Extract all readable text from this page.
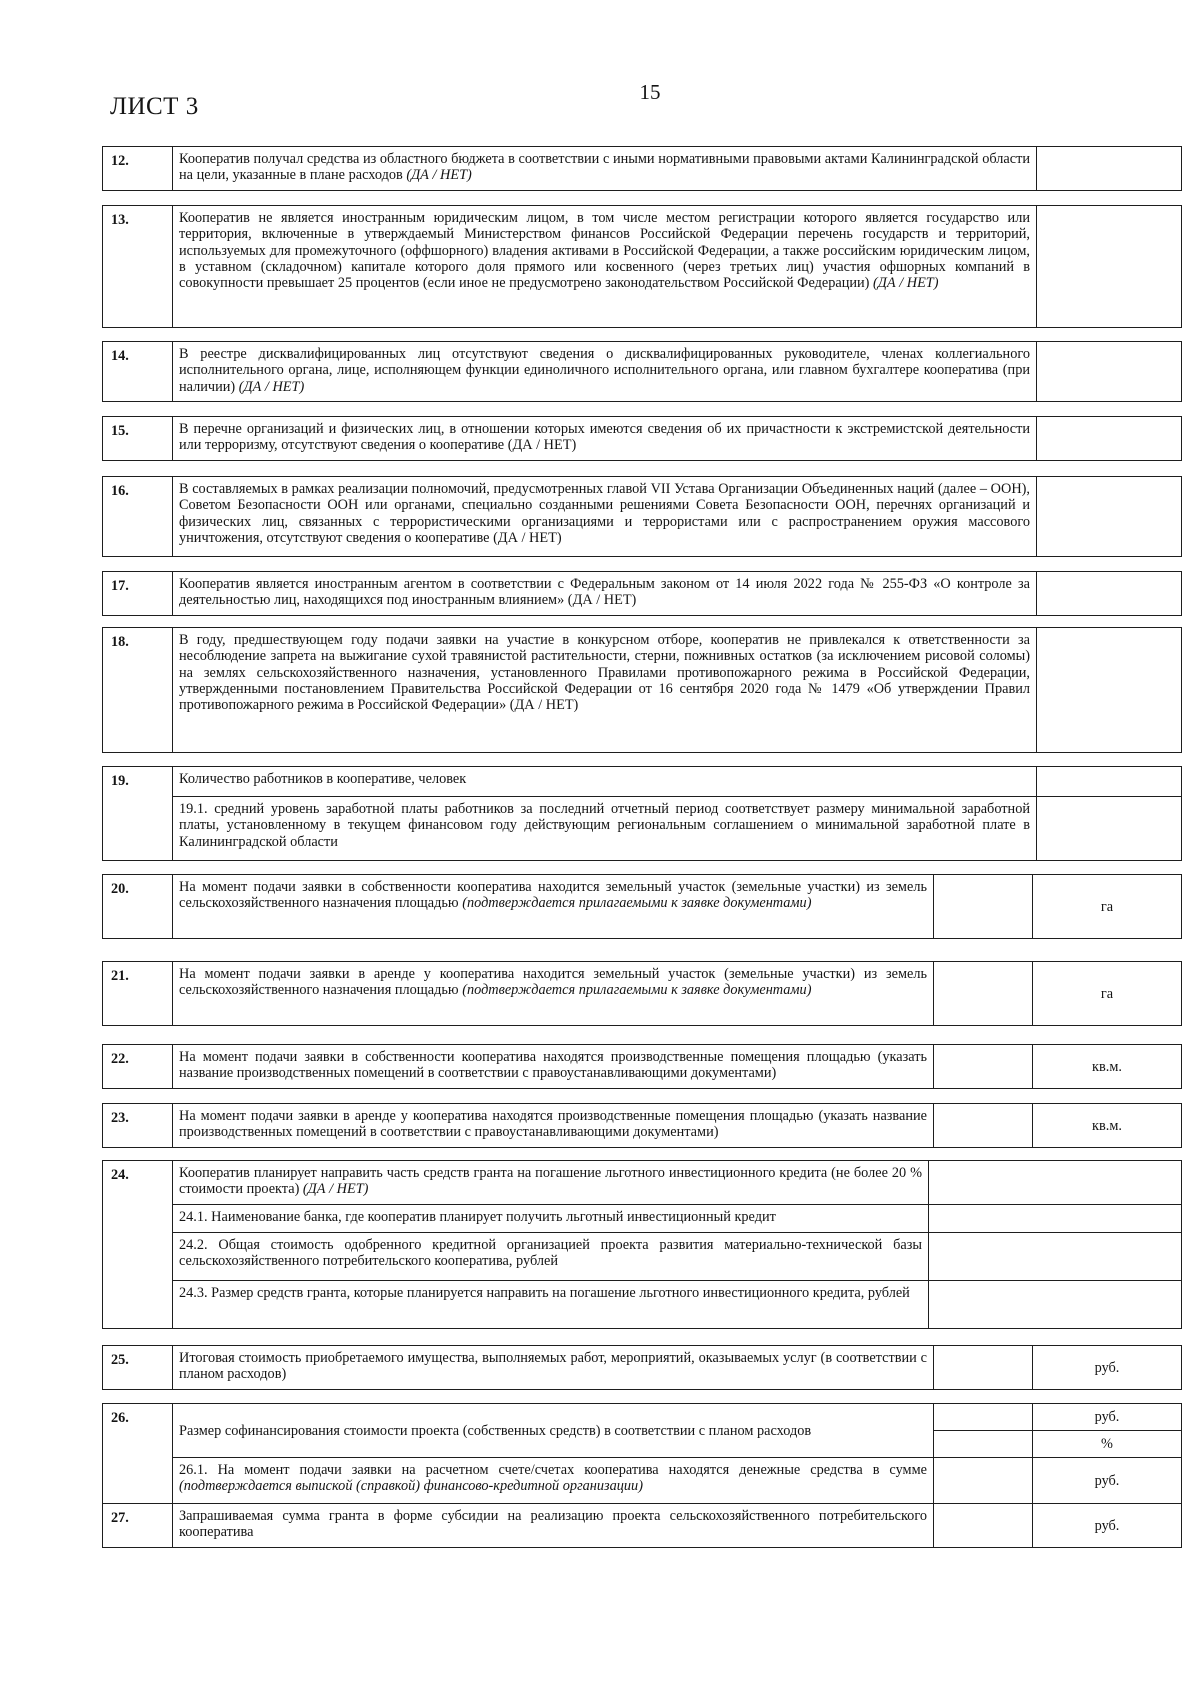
15
ЛИСТ 3
12.	Кооператив получал средства из областного бюджета в соответствии с иными нормативными правовыми актами Калининградской области на цели, указанные в плане расходов (ДА / НЕТ)	
13.	Кооператив не является иностранным юридическим лицом, в том числе местом регистрации которого является государство или территория, включенные в утверждаемый Министерством финансов Российской Федерации перечень государств и территорий, используемых для промежуточного (оффшорного) владения активами в Российской Федерации, а также российским юридическим лицом, в уставном (складочном) капитале которого доля прямого или косвенного (через третьих лиц) участия офшорных компаний в совокупности превышает 25 процентов (если иное не предусмотрено законодательством Российской Федерации) (ДА / НЕТ)	
14.	В реестре дисквалифицированных лиц отсутствуют сведения о дисквалифицированных руководителе, членах коллегиального исполнительного органа, лице, исполняющем функции единоличного исполнительного органа, или главном бухгалтере кооператива (при наличии) (ДА / НЕТ)	
15.	В перечне организаций и физических лиц, в отношении которых имеются сведения об их причастности к экстремистской деятельности или терроризму, отсутствуют сведения о кооперативе (ДА / НЕТ)	
16.	В составляемых в рамках реализации полномочий, предусмотренных главой VII Устава Организации Объединенных наций (далее – ООН), Советом Безопасности ООН или органами, специально созданными решениями Совета Безопасности ООН, перечнях организаций и физических лиц, связанных с террористическими организациями и террористами или с распространением оружия массового уничтожения, отсутствуют сведения о кооперативе (ДА / НЕТ)	
17.	Кооператив является иностранным агентом в соответствии с Федеральным законом от 14 июля 2022 года № 255-ФЗ «О контроле за деятельностью лиц, находящихся под иностранным влиянием» (ДА / НЕТ)	
18.	В году, предшествующем году подачи заявки на участие в конкурсном отборе, кооператив не привлекался к ответственности за несоблюдение запрета на выжигание сухой травянистой растительности, стерни, пожнивных остатков (за исключением рисовой соломы) на землях сельскохозяйственного назначения, установленного Правилами противопожарного режима в Российской Федерации, утвержденными постановлением Правительства Российской Федерации от 16 сентября 2020 года № 1479 «Об утверждении Правил противопожарного режима в Российской Федерации» (ДА / НЕТ)	
19.	Количество работников в кооперативе, человек	
	19.1. средний уровень заработной платы работников за последний отчетный период соответствует размеру минимальной заработной платы, установленному в текущем финансовом году действующим региональным соглашением о минимальной заработной плате в Калининградской области	
20.	На момент подачи заявки в собственности кооператива находится земельный участок (земельные участки) из земель сельскохозяйственного назначения площадью (подтверждается прилагаемыми к заявке документами)		га
21.	На момент подачи заявки в аренде у кооператива находится земельный участок (земельные участки) из земель сельскохозяйственного назначения площадью (подтверждается прилагаемыми к заявке документами)		га
22.	На момент подачи заявки в собственности кооператива находятся производственные помещения площадью (указать название производственных помещений в соответствии с правоустанавливающими документами)		кв.м.
23.	На момент подачи заявки в аренде у кооператива находятся производственные помещения площадью (указать название производственных помещений в соответствии с правоустанавливающими документами)		кв.м.
24.	Кооператив планирует направить часть средств гранта на погашение льготного инвестиционного кредита (не более 20 % стоимости проекта) (ДА / НЕТ)	
	24.1. Наименование банка, где кооператив планирует получить льготный инвестиционный кредит	
	24.2. Общая стоимость одобренного кредитной организацией проекта развития материально-технической базы сельскохозяйственного потребительского кооператива, рублей	
	24.3. Размер средств гранта, которые планируется направить на погашение льготного инвестиционного кредита, рублей	
25.	Итоговая стоимость приобретаемого имущества, выполняемых работ, мероприятий, оказываемых услуг (в соответствии с планом расходов)		руб.
26.	Размер софинансирования стоимости проекта (собственных средств) в соответствии с планом расходов		руб.
			%
	26.1. На момент подачи заявки на расчетном счете/счетах кооператива находятся денежные средства в сумме (подтверждается выпиской (справкой) финансово-кредитной организации)		руб.
27.	Запрашиваемая сумма гранта в форме субсидии на реализацию проекта сельскохозяйственного потребительского кооператива		руб.
